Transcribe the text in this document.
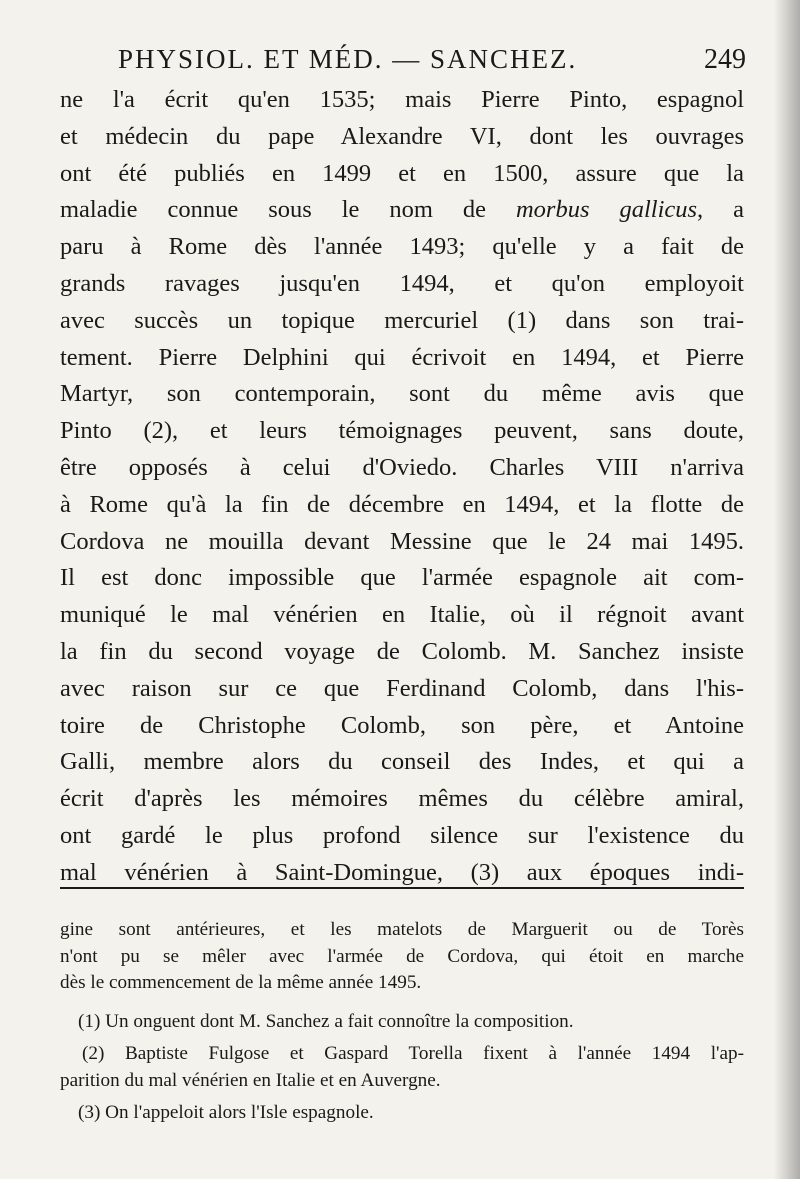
PHYSIOL. ET MÉD. — SANCHEZ.	249
ne l'a écrit qu'en 1535; mais Pierre Pinto, espagnol
et médecin du pape Alexandre VI, dont les ouvrages
ont été publiés en 1499 et en 1500, assure que la
maladie connue sous le nom de morbus gallicus, a
paru à Rome dès l'année 1493; qu'elle y a fait de
grands ravages jusqu'en 1494, et qu'on employoit
avec succès un topique mercuriel (1) dans son trai-
tement. Pierre Delphini qui écrivoit en 1494, et Pierre
Martyr, son contemporain, sont du même avis que
Pinto (2), et leurs témoignages peuvent, sans doute,
être opposés à celui d'Oviedo. Charles VIII n'arriva
à Rome qu'à la fin de décembre en 1494, et la flotte de
Cordova ne mouilla devant Messine que le 24 mai 1495.
Il est donc impossible que l'armée espagnole ait com-
muniqué le mal vénérien en Italie, où il régnoit avant
la fin du second voyage de Colomb. M. Sanchez insiste
avec raison sur ce que Ferdinand Colomb, dans l'his-
toire de Christophe Colomb, son père, et Antoine
Galli, membre alors du conseil des Indes, et qui a
écrit d'après les mémoires mêmes du célèbre amiral,
ont gardé le plus profond silence sur l'existence du
mal vénérien à Saint-Domingue, (3) aux époques indi-
gine sont antérieures, et les matelots de Marguerit ou de Torès
n'ont pu se mêler avec l'armée de Cordova, qui étoit en marche
dès le commencement de la même année 1495.
(1) Un onguent dont M. Sanchez a fait connoître la composition.
(2) Baptiste Fulgose et Gaspard Torella fixent à l'année 1494 l'ap-
parition du mal vénérien en Italie et en Auvergne.
(3) On l'appeloit alors l'Isle espagnole.
